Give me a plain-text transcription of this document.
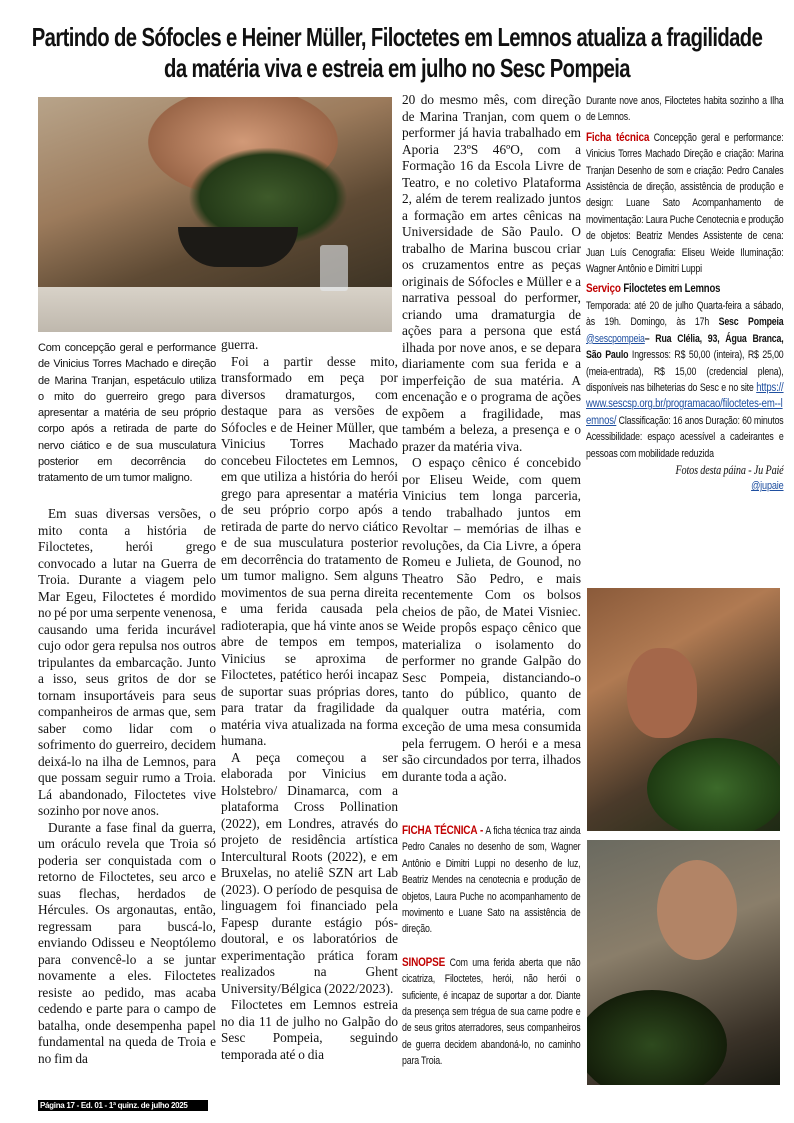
Partindo de Sófocles e Heiner Müller, Filoctetes em Lemnos atualiza a fragilidade da matéria viva e estreia em julho no Sesc Pompeia
Com concepção geral e performance de Vinicius Torres Machado e direção de Marina Tranjan, espetáculo utiliza o mito do guerreiro grego para apresentar a matéria de seu próprio corpo após a retirada de parte do nervo ciático e de sua musculatura posterior em decorrência do tratamento de um tumor maligno.

Em suas diversas versões, o mito conta a história de Filoctetes, herói grego convocado a lutar na Guerra de Troia. Durante a viagem pelo Mar Egeu, Filoctetes é mordido no pé por uma serpente venenosa, causando uma ferida incurável cujo odor gera repulsa nos outros tripulantes da embarcação. Junto a isso, seus gritos de dor se tornam insuportáveis para seus companheiros de armas que, sem saber como lidar com o sofrimento do guerreiro, decidem deixá-lo na ilha de Lemnos, para que possam seguir rumo a Troia. Lá abandonado, Filoctetes vive sozinho por nove anos.

Durante a fase final da guerra, um oráculo revela que Troia só poderia ser conquistada com o retorno de Filoctetes, seu arco e suas flechas, herdados de Hércules. Os argonautas, então, regressam para buscá-lo, enviando Odisseu e Neoptólemo para convencê-lo a se juntar novamente a eles. Filoctetes resiste ao pedido, mas acaba cedendo e parte para o campo de batalha, onde desempenha papel fundamental na queda de Troia e no fim da

guerra.

Foi a partir desse mito, transformado em peça por diversos dramaturgos, com destaque para as versões de Sófocles e de Heiner Müller, que Vinicius Torres Machado concebeu Filoctetes em Lemnos, em que utiliza a história do herói grego para apresentar a matéria de seu próprio corpo após a retirada de parte do nervo ciático e de sua musculatura posterior em decorrência do tratamento de um tumor maligno. Sem alguns movimentos de sua perna direita e uma ferida causada pela radioterapia, que há vinte anos se abre de tempos em tempos, Vinicius se aproxima de Filoctetes, patético herói incapaz de suportar suas próprias dores, para tratar da fragilidade da matéria viva atualizada na forma humana.

A peça começou a ser elaborada por Vinicius em Holstebro/ Dinamarca, com a plataforma Cross Pollination (2022), em Londres, através do projeto de residência artística Intercultural Roots (2022), e em Bruxelas, no ateliê SZN art Lab (2023). O período de pesquisa de linguagem foi financiado pela Fapesp durante estágio pós-doutoral, e os laboratórios de experimentação prática foram realizados na Ghent University/Bélgica (2022/2023).

Filoctetes em Lemnos estreia no dia 11 de julho no Galpão do Sesc Pompeia, seguindo temporada até o dia

20 do mesmo mês, com direção de Marina Tranjan, com quem o performer já havia trabalhado em Aporia 23ºS 46ºO, com a Formação 16 da Escola Livre de Teatro, e no coletivo Plataforma 2, além de terem realizado juntos a formação em artes cênicas na Universidade de São Paulo. O trabalho de Marina buscou criar os cruzamentos entre as peças originais de Sófocles e Müller e a narrativa pessoal do performer, criando uma dramaturgia de ações para a persona que está ilhada por nove anos, e se depara diariamente com sua ferida e a imperfeição de sua matéria. A encenação e o programa de ações expõem a fragilidade, mas também a beleza, a presença e o prazer da matéria viva.

O espaço cênico é concebido por Eliseu Weide, com quem Vinicius tem longa parceria, tendo trabalhado juntos em Revoltar – memórias de ilhas e revoluções, da Cia Livre, a ópera Romeu e Julieta, de Gounod, no Theatro São Pedro, e mais recentemente Com os bolsos cheios de pão, de Matei Visniec. Weide propôs espaço cênico que materializa o isolamento do performer no grande Galpão do Sesc Pompeia, distanciando-o tanto do público, quanto de qualquer outra matéria, com exceção de uma mesa consumida pela ferrugem. O herói e a mesa são circundados por terra, ilhados durante toda a ação.

FICHA TÉCNICA - A ficha técnica traz ainda Pedro Canales no desenho de som, Wagner Antônio e Dimitri Luppi no desenho de luz, Beatriz Mendes na cenotecnia e produção de objetos, Laura Puche no acompanhamento de movimento e Luane Sato na assistência de direção.

SINOPSE Com uma ferida aberta que não cicatriza, Filoctetes, herói, não herói o suficiente, é incapaz de suportar a dor. Diante da presença sem trégua de sua carne podre e de seus gritos aterradores, seus companheiros de guerra decidem abandoná-lo, no caminho para Troia.

Durante nove anos, Filoctetes habita sozinho a Ilha de Lemnos.

Ficha técnica Concepção geral e performance: Vinicius Torres Machado Direção e criação: Marina Tranjan Desenho de som e criação: Pedro Canales Assistência de direção, assistência de produção e design: Luane Sato Acompanhamento de movimentação: Laura Puche Cenotecnia e produção de objetos: Beatriz Mendes Assistente de cena: Juan Luís Cenografia: Eliseu Weide Iluminação: Wagner Antônio e Dimitri Luppi

Serviço Filoctetes em Lemnos
Temporada: até 20 de julho Quarta-feira a sábado, às 19h. Domingo, às 17h Sesc Pompeia @sescpompeia– Rua Clélia, 93, Água Branca, São Paulo Ingressos: R$ 50,00 (inteira), R$ 25,00 (meia-entrada), R$ 15,00 (credencial plena), disponíveis nas bilheterias do Sesc e no site https://www.sescsp.org.br/programacao/filoctetes-em--lemnos/ Classificação: 16 anos Duração: 60 minutos Acessibilidade: espaço acessível a cadeirantes e pessoas com mobilidade reduzida

Fotos desta páina - Ju Paié
@jupaie
Página 17 - Ed. 01 - 1ª quinz. de julho 2025
